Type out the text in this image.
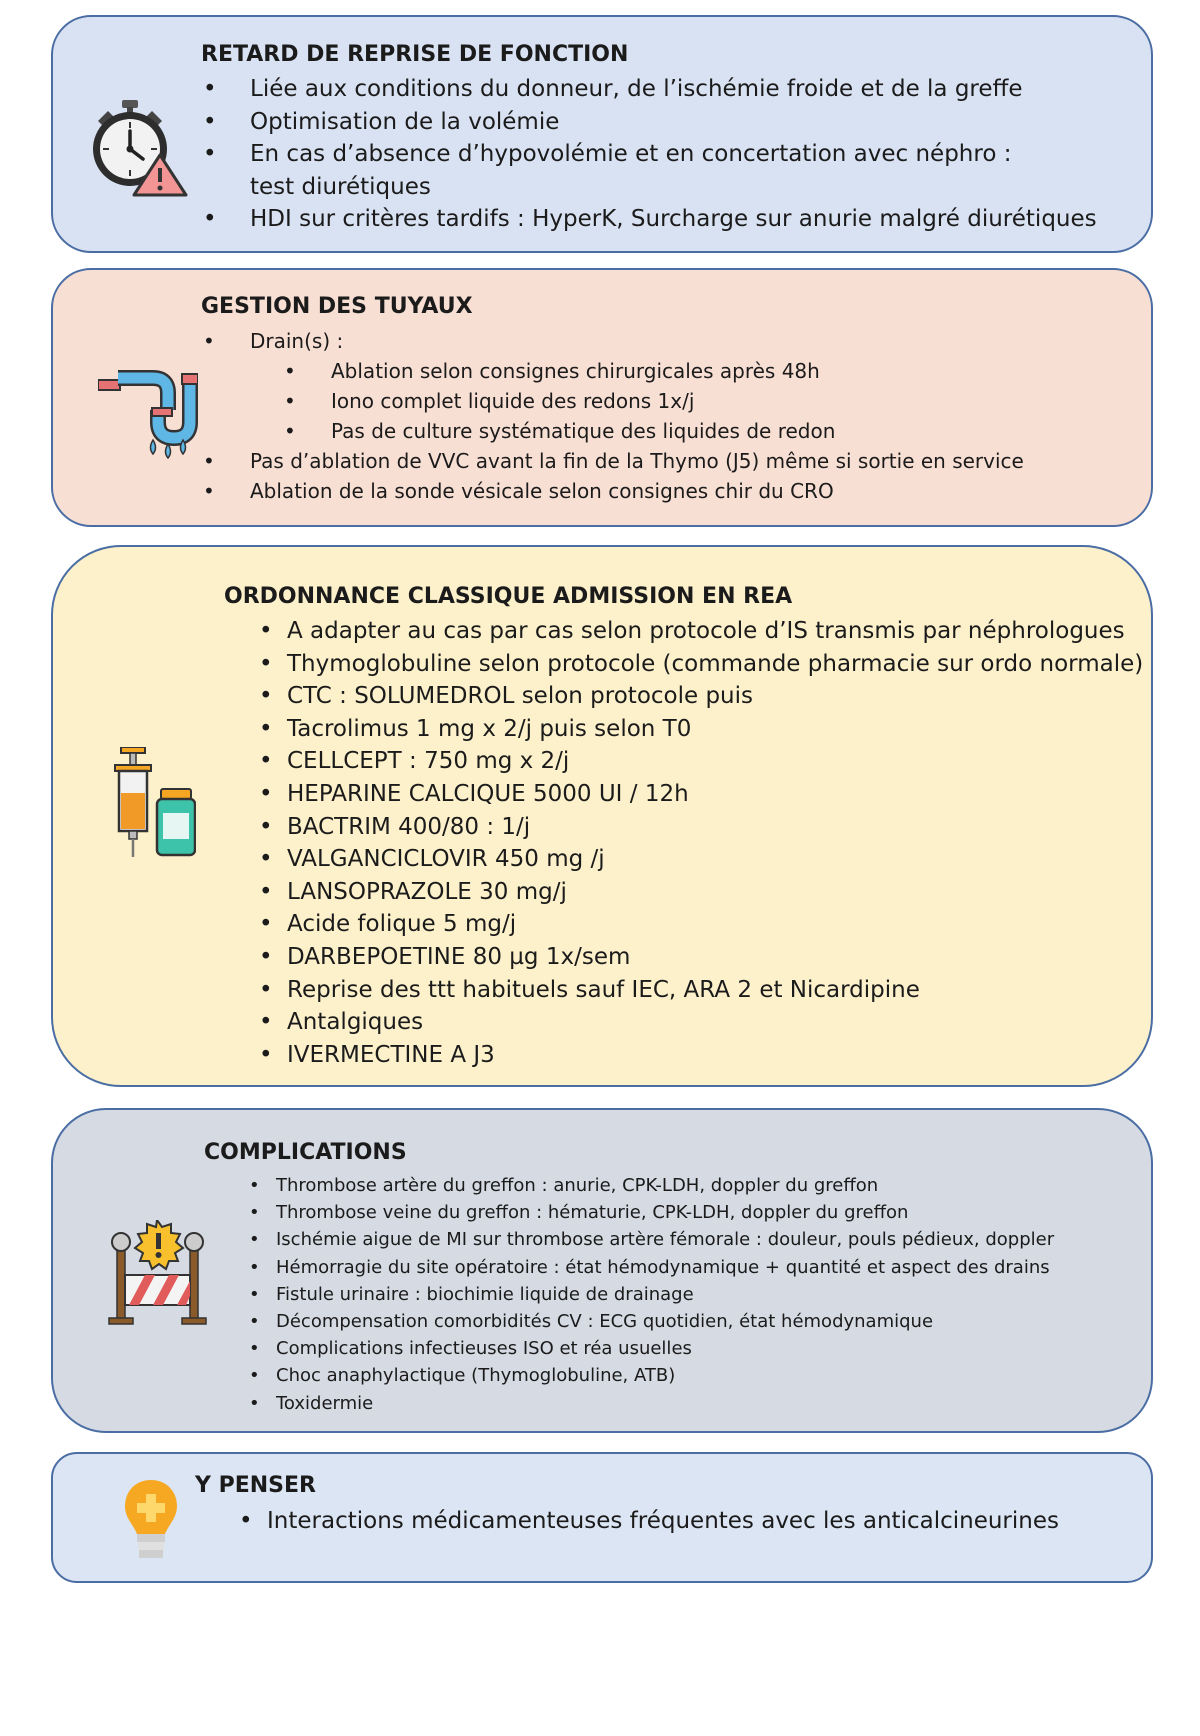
RETARD DE REPRISE DE FONCTION
• Liée aux conditions du donneur, de l’ischémie froide et de la greffe
• Optimisation de la volémie
• En cas d’absence d’hypovolémie et en concertation avec néphro : test diurétiques
• HDI sur critères tardifs : HyperK, Surcharge sur anurie malgré diurétiques
GESTION DES TUYAUX
• Drain(s) :
• Ablation selon consignes chirurgicales après 48h
• Iono complet liquide des redons 1x/j
• Pas de culture systématique des liquides de redon
• Pas d’ablation de VVC avant la fin de la Thymo (J5) même si sortie en service
• Ablation de la sonde vésicale selon consignes chir du CRO
ORDONNANCE CLASSIQUE ADMISSION EN REA
• A adapter au cas par cas selon protocole d’IS transmis par néphrologues
• Thymoglobuline selon protocole (commande pharmacie sur ordo normale)
• CTC : SOLUMEDROL selon protocole puis
• Tacrolimus 1 mg x 2/j puis selon T0
• CELLCEPT : 750 mg x 2/j
• HEPARINE CALCIQUE 5000 UI / 12h
• BACTRIM 400/80 : 1/j
• VALGANCICLOVIR 450 mg /j
• LANSOPRAZOLE 30 mg/j
• Acide folique 5 mg/j
• DARBEPOETINE 80 µg 1x/sem
• Reprise des ttt habituels sauf IEC, ARA 2 et Nicardipine
• Antalgiques
• IVERMECTINE A J3
COMPLICATIONS
• Thrombose artère du greffon : anurie, CPK-LDH, doppler du greffon
• Thrombose veine du greffon : hématurie, CPK-LDH, doppler du greffon
• Ischémie aigue de MI sur thrombose artère fémorale : douleur, pouls pédieux, doppler
• Hémorragie du site opératoire : état hémodynamique + quantité et aspect des drains
• Fistule urinaire : biochimie liquide de drainage
• Décompensation comorbidités CV : ECG quotidien, état hémodynamique
• Complications infectieuses ISO et réa usuelles
• Choc anaphylactique (Thymoglobuline, ATB)
• Toxidermie
Y PENSER
• Interactions médicamenteuses fréquentes avec les anticalcineurines
